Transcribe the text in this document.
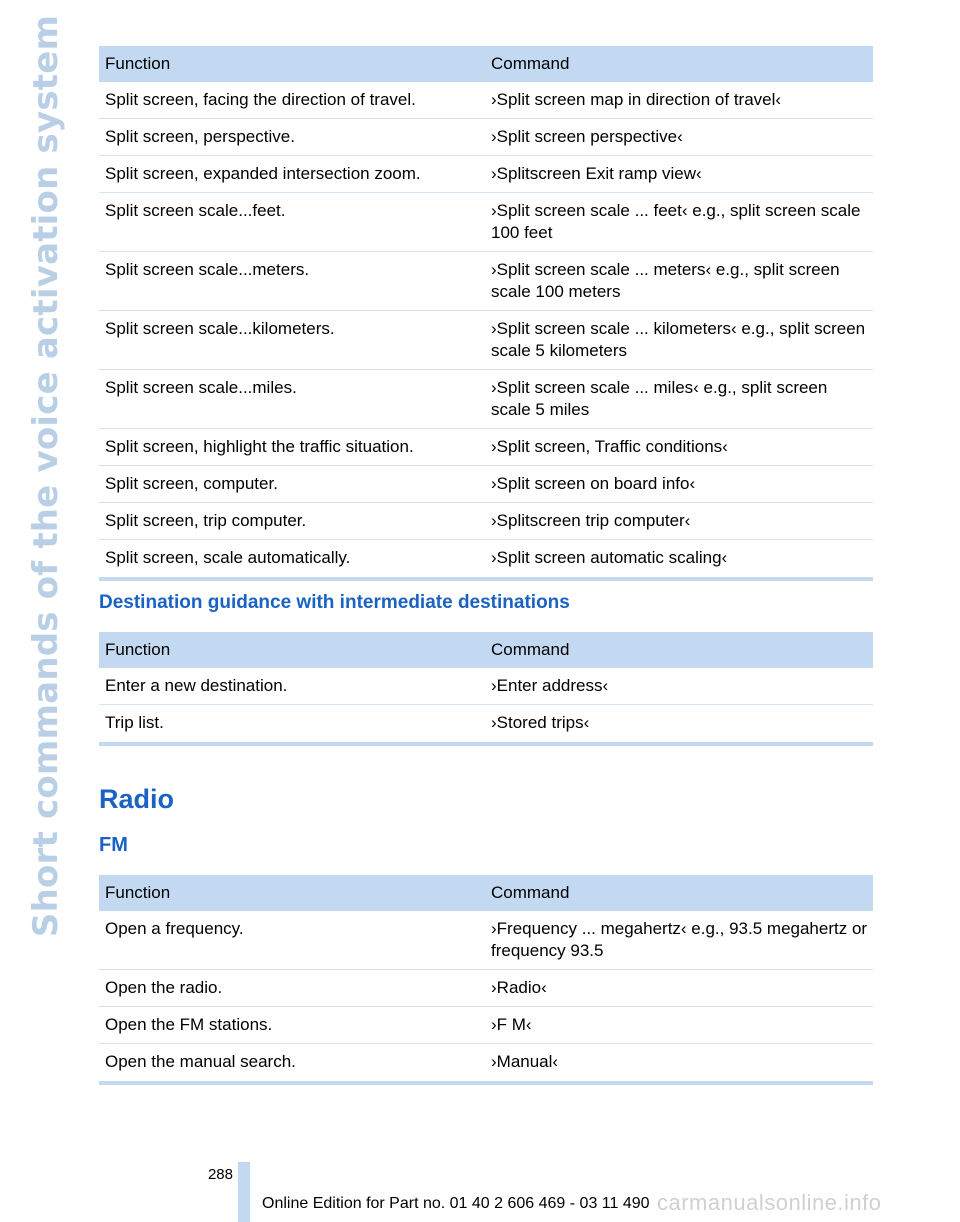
Short commands of the voice activation system	Function	Command
Split screen, facing the direction of travel.	›Split screen map in direction of travel‹
Split screen, perspective.	›Split screen perspective‹
Split screen, expanded intersection zoom.	›Splitscreen Exit ramp view‹
Split screen scale...feet.	›Split screen scale ... feet‹ e.g., split screen scale 100 feet
Split screen scale...meters.	›Split screen scale ... meters‹ e.g., split screen scale 100 meters
Split screen scale...kilometers.	›Split screen scale ... kilometers‹ e.g., split screen scale 5 kilometers
Split screen scale...miles.	›Split screen scale ... miles‹ e.g., split screen scale 5 miles
Split screen, highlight the traffic situation.	›Split screen, Traffic conditions‹
Split screen, computer.	›Split screen on board info‹
Split screen, trip computer.	›Splitscreen trip computer‹
Split screen, scale automatically.	›Split screen automatic scaling‹
Destination guidance with intermediate destinations
Function	Command
Enter a new destination.	›Enter address‹
Trip list.	›Stored trips‹
Radio
FM
Function	Command
Open a frequency.	›Frequency ... megahertz‹ e.g., 93.5 megahertz or frequency 93.5
Open the radio.	›Radio‹
Open the FM stations.	›F M‹
Open the manual search.	›Manual‹
288
Online Edition for Part no. 01 40 2 606 469 - 03 11 490 carmanualsonline.info
